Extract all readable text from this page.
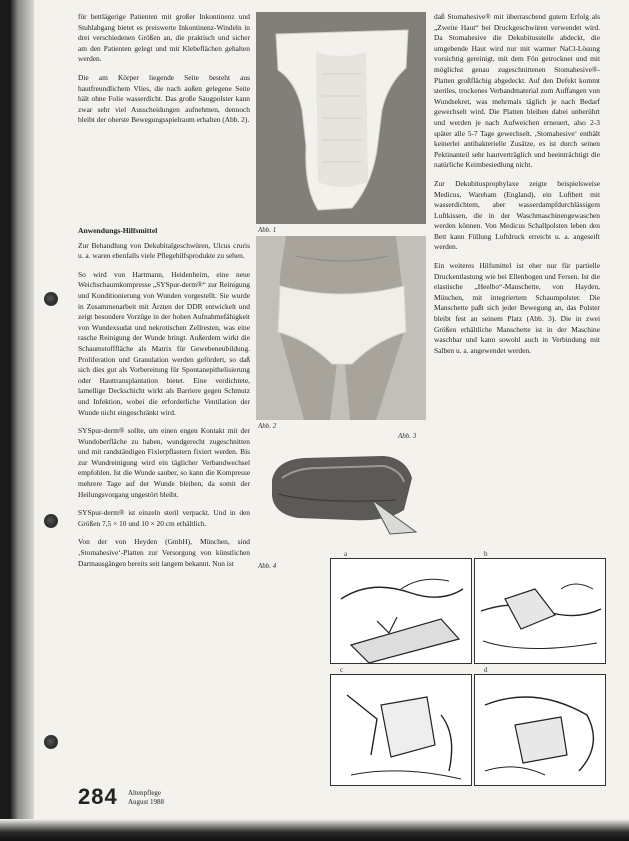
für bettlägerige Patienten mit großer Inkontinenz und Stuhlabgang bietet es preiswerte Inkontinenz-Windeln in drei verschiedenen Größen an, die praktisch und sicher am den Patienten gelegt und mit Klebeflächen gehalten werden.

Die am Körper liegende Seite besteht aus hautfreundlichem Vlies, die nach außen gelegene Seite hält ohne Folie wasserdicht. Das große Saugpolster kann zwar sehr viel Ausscheidungen aufnehmen, dennoch bleibt der oberste Bewegungsspielraum erhalten (Abb. 2).

Anwendungs-Hilfsmittel

Zur Behandlung von Dekubitalgeschwüren, Ulcus cruris u. a. waren ebenfalls viele Pflegehilfsprodukte zu sehen.

So wird von Hartmann, Heidenheim, eine neue Weichschaumkompresse „SYSpur-derm®“ zur Reinigung und Konditionierung von Wunden vorgestellt. Sie wurde in Zusammenarbeit mit Ärzten der DDR entwickelt und zeigt besondere Vorzüge in der hohen Aufnahmefähigkeit von Wundexsudat und nekrotischen Zellresten, was eine rasche Reinigung der Wunde bringt. Außerdem wirkt die Schaumstofffläche als Matrix für Gewebeneubildung. Proliferation und Granulation werden gefördert, so daß sich dies gut als Vorbereitung für Spontanepithelisierung oder Hauttransplantation bietet. Eine verdichtete, lamellige Deckschicht wirkt als Barriere gegen Schmutz und Infektion, wobei die erforderliche Ventilation der Wunde nicht eingeschränkt wird.

SYSpur-derm® sollte, um einen engen Kontakt mit der Wundoberfläche zu haben, wundgerecht zugeschnitten und mit randständigen Fixierpflastern fixiert werden. Bis zur Wundreinigung wird ein täglicher Verbandwechsel empfohlen. Ist die Wunde sauber, so kann die Kompresse mehrere Tage auf der Wunde bleiben, da somit der Heilungsvorgang ungestört bleibt.

SYSpur-derm® ist einzeln steril verpackt. Und in den Größen 7,5 × 10 und 10 × 20 cm erhältlich.

Von der von Heyden (GmbH), München, sind ‚Stomahesive‘-Platten zur Versorgung von künstlichen Darmausgängen bereits seit langem bekannt. Nun ist

Abb. 1
Abb. 2
Abb. 3

daß Stomahesive® mit überraschend gutem Erfolg als „Zweite Haut“ bei Druckgeschwüren verwendet wird. Da Stomahesive die Dekubitusstelle abdeckt, die umgebende Haut wird nur mit warmer NaCl-Lösung vorsichtig gereinigt, mit dem Fön getrocknet und mit möglichst genau zugeschnittenen Stomahesive®-Platten großflächig abgedeckt. Auf den Defekt kommt steriles, trockenes Verbandmaterial zum Auffangen von Wundsekret, was mehrmals täglich je nach Bedarf gewechselt wird. Die Platten bleiben dabei unberührt und werden je nach Aufweichen erneuert, also 2-3 später alle 5-7 Tage gewechselt. ‚Stomahesive‘ enthält keinerlei antibakterielle Zusätze, es ist durch seinen Pektinanteil sehr hautverträglich und beeinträchtigt die natürliche Keimbesiedlung nicht.

Zur Dekubitusprophylaxe zeigte beispielsweise Medicus, Wareham (England), ein Luftbett mit wasserdichtem, aber wasserdampfdurchlässigem Luftkissen, die in der Waschmaschinengewaschen werden können. Von Medicus Schallpolsten leben den Bett kann Füllung Luftdruck erreicht u. a. angeseift werden.

Ein weiteres Hilfsmittel ist eher nur für partielle Druckentlastung wie bei Ellenbogen und Fersen. Ist die elastische „Heelbo“-Manschette, von Hayden, München, mit integriertem Schaumpolster. Die Manschette paßt sich jeder Bewegung an, das Polster bleibt fest an seinem Platz (Abb. 3). Die in zwei Größen erhältliche Manschette ist in der Maschine waschbar und kann sowohl auch in Verbindung mit Salben u. a. angewendet werden.

Abb. 4
a	b
c	d
284 Altenpflege
August 1988
